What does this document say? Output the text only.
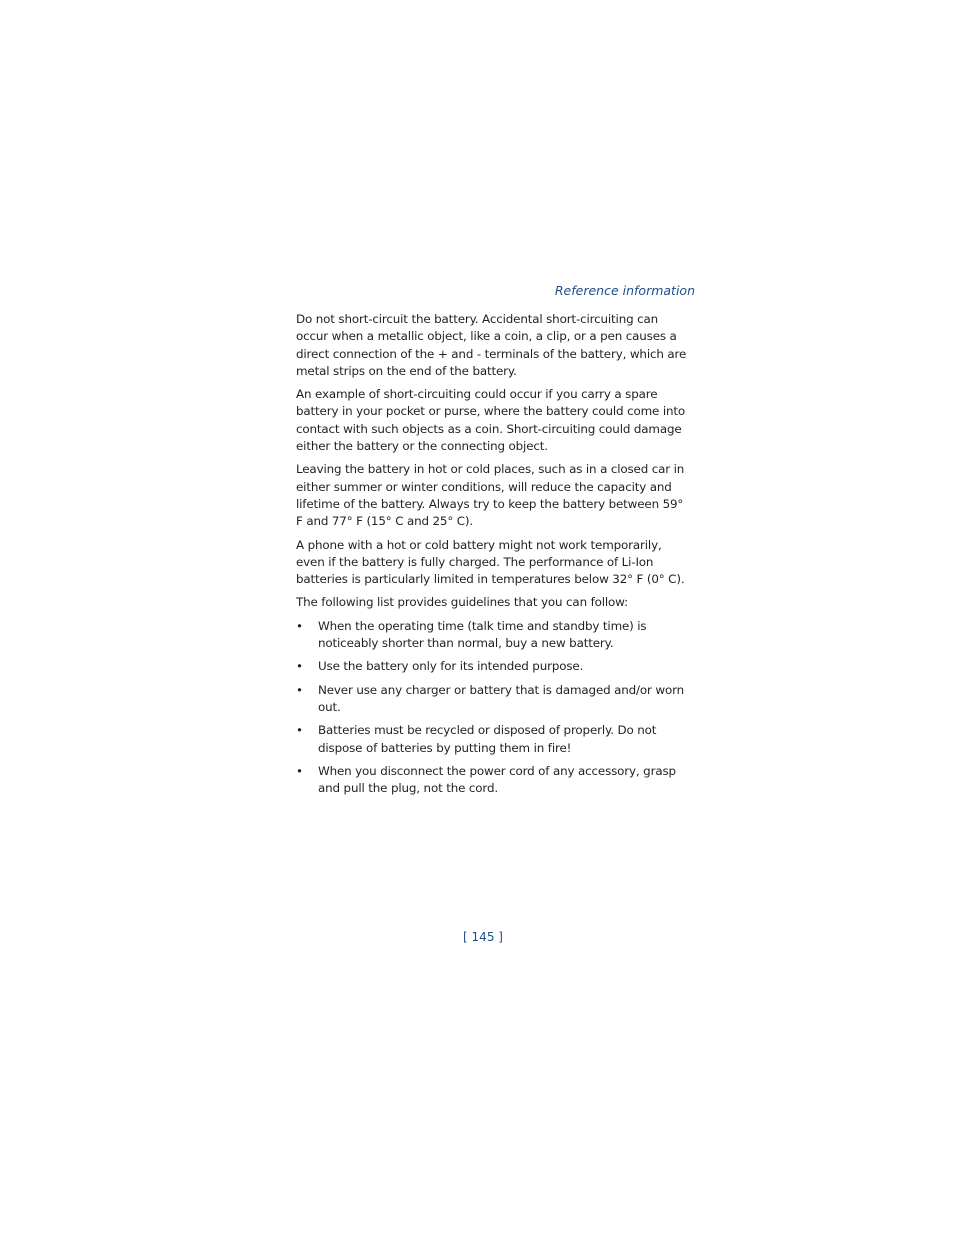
Reference information

Do not short-circuit the battery. Accidental short-circuiting can occur when a metallic object, like a coin, a clip, or a pen causes a direct connection of the + and - terminals of the battery, which are metal strips on the end of the battery.

An example of short-circuiting could occur if you carry a spare battery in your pocket or purse, where the battery could come into contact with such objects as a coin. Short-circuiting could damage either the battery or the connecting object.

Leaving the battery in hot or cold places, such as in a closed car in either summer or winter conditions, will reduce the capacity and lifetime of the battery. Always try to keep the battery between 59° F and 77° F (15° C and 25° C).

A phone with a hot or cold battery might not work temporarily, even if the battery is fully charged. The performance of Li-Ion batteries is particularly limited in temperatures below 32° F (0° C).

The following list provides guidelines that you can follow:

• When the operating time (talk time and standby time) is noticeably shorter than normal, buy a new battery.
• Use the battery only for its intended purpose.
• Never use any charger or battery that is damaged and/or worn out.
• Batteries must be recycled or disposed of properly. Do not dispose of batteries by putting them in fire!
• When you disconnect the power cord of any accessory, grasp and pull the plug, not the cord.
[ 145 ]
